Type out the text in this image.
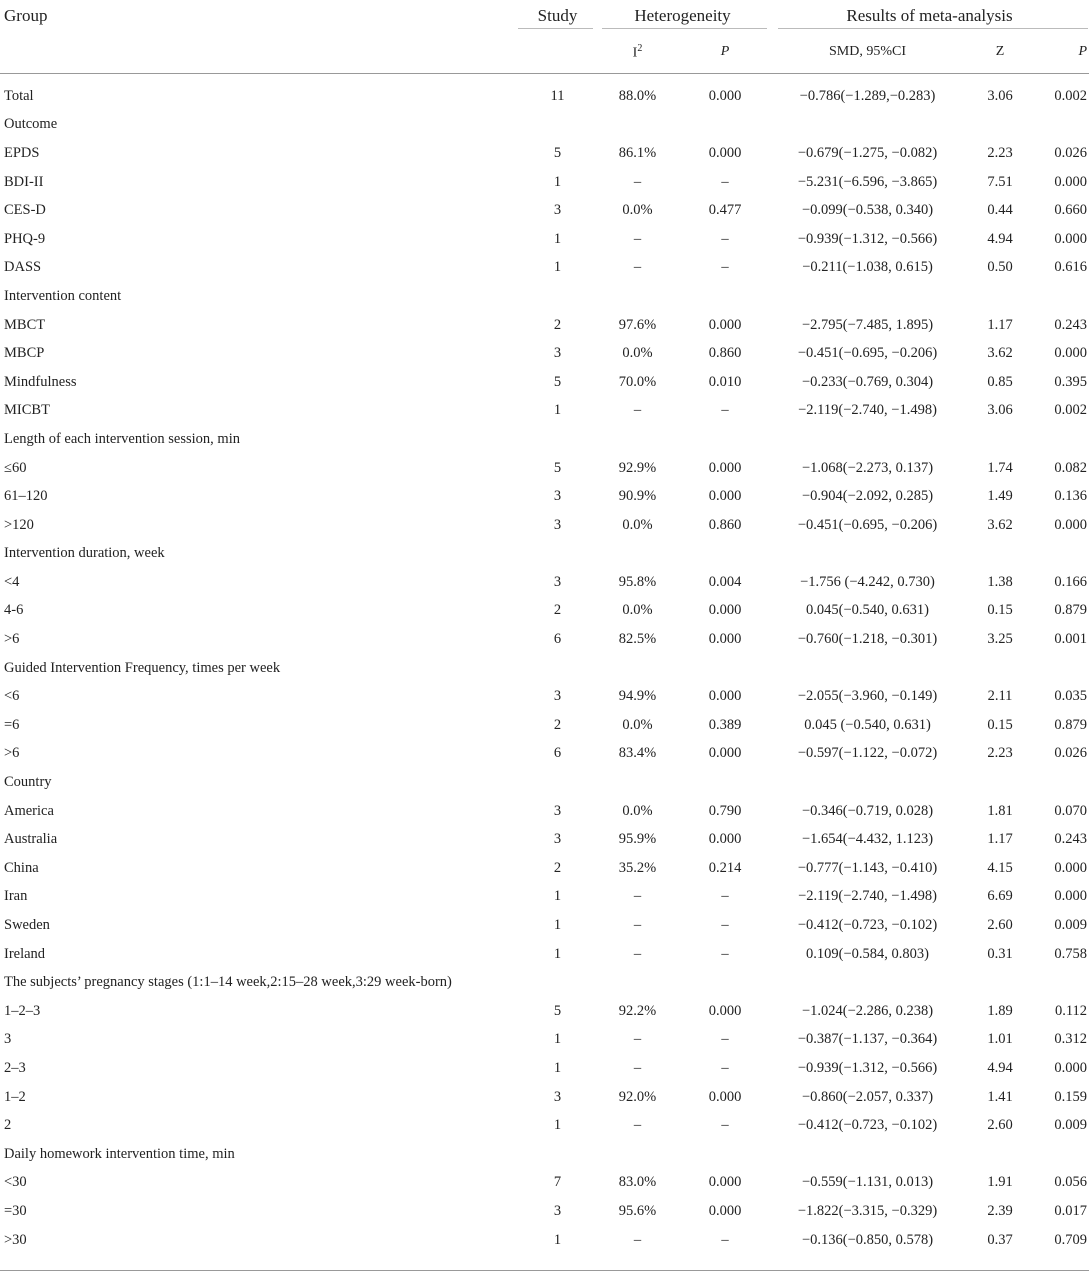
Group	Study	Heterogeneity		Results of meta-analysis		
		$I^2$	P	SMD, 95%CI	Z	P

Total	11	88.0%	0.000	−0.786(−1.289,−0.283)	3.06	0.002
Outcome						
EPDS	5	86.1%	0.000	−0.679(−1.275, −0.082)	2.23	0.026
BDI-II	1	–	–	−5.231(−6.596, −3.865)	7.51	0.000
CES-D	3	0.0%	0.477	−0.099(−0.538, 0.340)	0.44	0.660
PHQ-9	1	–	–	−0.939(−1.312, −0.566)	4.94	0.000
DASS	1	–	–	−0.211(−1.038, 0.615)	0.50	0.616
Intervention content						
MBCT	2	97.6%	0.000	−2.795(−7.485, 1.895)	1.17	0.243
MBCP	3	0.0%	0.860	−0.451(−0.695, −0.206)	3.62	0.000
Mindfulness	5	70.0%	0.010	−0.233(−0.769, 0.304)	0.85	0.395
MICBT	1	–	–	−2.119(−2.740, −1.498)	3.06	0.002
Length of each intervention session, min						
≤60	5	92.9%	0.000	−1.068(−2.273, 0.137)	1.74	0.082
61–120	3	90.9%	0.000	−0.904(−2.092, 0.285)	1.49	0.136
>120	3	0.0%	0.860	−0.451(−0.695, −0.206)	3.62	0.000
Intervention duration, week						
<4	3	95.8%	0.004	−1.756 (−4.242, 0.730)	1.38	0.166
4-6	2	0.0%	0.000	0.045(−0.540, 0.631)	0.15	0.879
>6	6	82.5%	0.000	−0.760(−1.218, −0.301)	3.25	0.001
Guided Intervention Frequency, times per week						
<6	3	94.9%	0.000	−2.055(−3.960, −0.149)	2.11	0.035
=6	2	0.0%	0.389	0.045 (−0.540, 0.631)	0.15	0.879
>6	6	83.4%	0.000	−0.597(−1.122, −0.072)	2.23	0.026
Country						
America	3	0.0%	0.790	−0.346(−0.719, 0.028)	1.81	0.070
Australia	3	95.9%	0.000	−1.654(−4.432, 1.123)	1.17	0.243
China	2	35.2%	0.214	−0.777(−1.143, −0.410)	4.15	0.000
Iran	1	–	–	−2.119(−2.740, −1.498)	6.69	0.000
Sweden	1	–	–	−0.412(−0.723, −0.102)	2.60	0.009
Ireland	1	–	–	0.109(−0.584, 0.803)	0.31	0.758
The subjects’ pregnancy stages (1:1–14 week,2:15–28 week,3:29 week-born)						
1–2–3	5	92.2%	0.000	−1.024(−2.286, 0.238)	1.89	0.112
3	1	–	–	−0.387(−1.137, −0.364)	1.01	0.312
2–3	1	–	–	−0.939(−1.312, −0.566)	4.94	0.000
1–2	3	92.0%	0.000	−0.860(−2.057, 0.337)	1.41	0.159
2	1	–	–	−0.412(−0.723, −0.102)	2.60	0.009
Daily homework intervention time, min						
<30	7	83.0%	0.000	−0.559(−1.131, 0.013)	1.91	0.056
=30	3	95.6%	0.000	−1.822(−3.315, −0.329)	2.39	0.017
>30	1	–	–	−0.136(−0.850, 0.578)	0.37	0.709
